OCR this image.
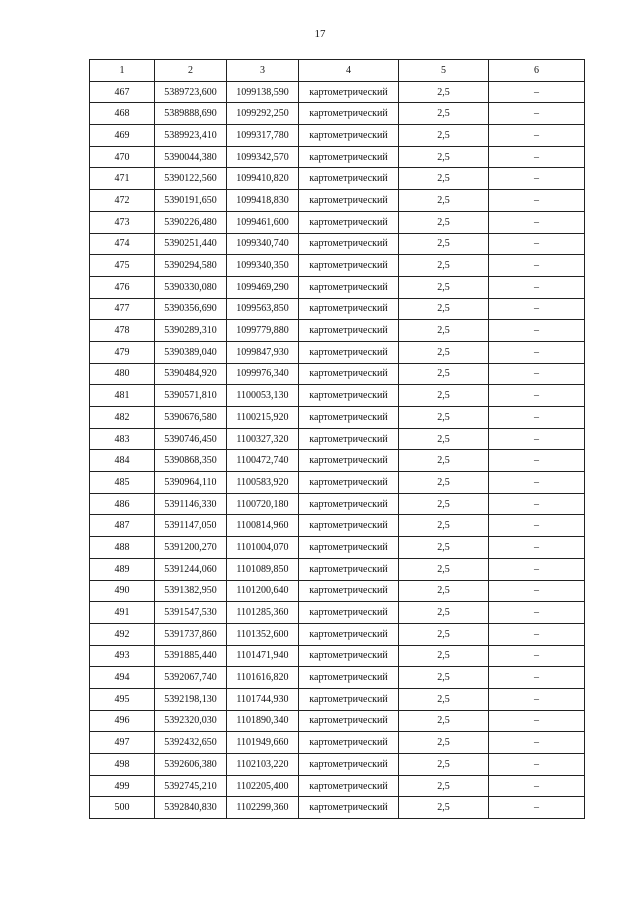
17
1	2	3	4	5	6
467	5389723,600	1099138,590	картометрический	2,5	–
468	5389888,690	1099292,250	картометрический	2,5	–
469	5389923,410	1099317,780	картометрический	2,5	–
470	5390044,380	1099342,570	картометрический	2,5	–
471	5390122,560	1099410,820	картометрический	2,5	–
472	5390191,650	1099418,830	картометрический	2,5	–
473	5390226,480	1099461,600	картометрический	2,5	–
474	5390251,440	1099340,740	картометрический	2,5	–
475	5390294,580	1099340,350	картометрический	2,5	–
476	5390330,080	1099469,290	картометрический	2,5	–
477	5390356,690	1099563,850	картометрический	2,5	–
478	5390289,310	1099779,880	картометрический	2,5	–
479	5390389,040	1099847,930	картометрический	2,5	–
480	5390484,920	1099976,340	картометрический	2,5	–
481	5390571,810	1100053,130	картометрический	2,5	–
482	5390676,580	1100215,920	картометрический	2,5	–
483	5390746,450	1100327,320	картометрический	2,5	–
484	5390868,350	1100472,740	картометрический	2,5	–
485	5390964,110	1100583,920	картометрический	2,5	–
486	5391146,330	1100720,180	картометрический	2,5	–
487	5391147,050	1100814,960	картометрический	2,5	–
488	5391200,270	1101004,070	картометрический	2,5	–
489	5391244,060	1101089,850	картометрический	2,5	–
490	5391382,950	1101200,640	картометрический	2,5	–
491	5391547,530	1101285,360	картометрический	2,5	–
492	5391737,860	1101352,600	картометрический	2,5	–
493	5391885,440	1101471,940	картометрический	2,5	–
494	5392067,740	1101616,820	картометрический	2,5	–
495	5392198,130	1101744,930	картометрический	2,5	–
496	5392320,030	1101890,340	картометрический	2,5	–
497	5392432,650	1101949,660	картометрический	2,5	–
498	5392606,380	1102103,220	картометрический	2,5	–
499	5392745,210	1102205,400	картометрический	2,5	–
500	5392840,830	1102299,360	картометрический	2,5	–
